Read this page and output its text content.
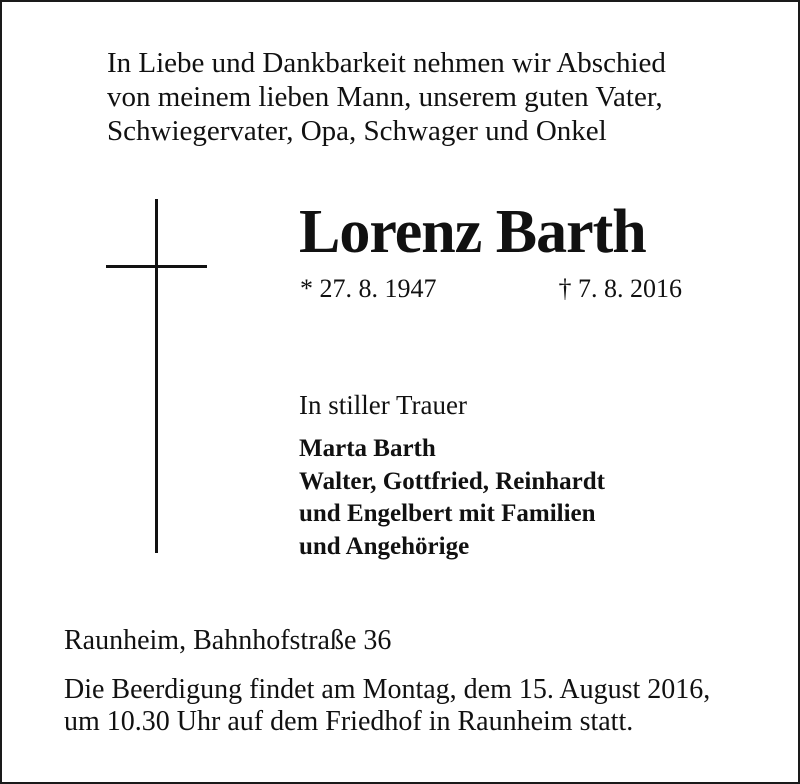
In Liebe und Dankbarkeit nehmen wir Abschied
von meinem lieben Mann, unserem guten Vater,
Schwiegervater, Opa, Schwager und Onkel
Lorenz Barth
* 27. 8. 1947	† 7. 8. 2016
In stiller Trauer
Marta Barth
Walter, Gottfried, Reinhardt
und Engelbert mit Familien
und Angehörige
Raunheim, Bahnhofstraße 36
Die Beerdigung findet am Montag, dem 15. August 2016,
um 10.30 Uhr auf dem Friedhof in Raunheim statt.
